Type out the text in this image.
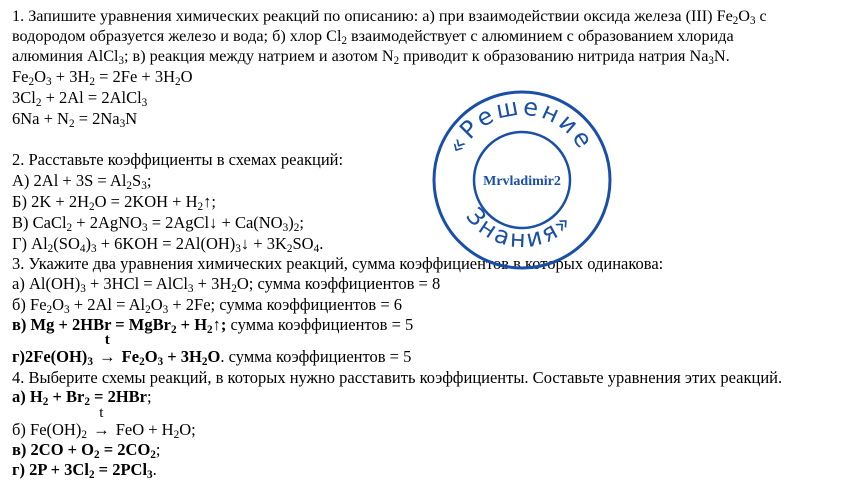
1. Запишите уравнения химических реакций по описанию: а) при взаимодействии оксида железа (III) $Fe_2O_3$ с
водородом образуется железо и вода; б) хлор $Cl_2$ взаимодействует с алюминием с образованием хлорида
алюминия AlCl$_3$; в) реакция между натрием и азотом $N_2$ приводит к образованию нитрида натрия $Na_3N$.
$Fe_2O_3 + 3H_2 = 2Fe + 3H_2O$
$3Cl_2 + 2Al$ = 2AlCl$_3$
$6Na + N_2 = 2Na_3N$
2. Расставьте коэффициенты в схемах реакций:
А) $2Al + 3S = Al_2S_3$;
Б) $2K + 2H_2O = 2KOH$ + $H_2↑$;
В) CaCl$_2$ + 2AgNO$_3$ = 2AgCl↓ + $Ca(NO_3)_2$;
Г) $Al_2(SO_4)_3 + 6KOH$ = $2Al(OH)_3↓ + 3K_2SO_4$.
3. Укажите два уравнения химических реакций, сумма коэффициентов в которых одинакова:
а) $Al(OH)_3 + 3HCl$ = AlCl$_3$ + $3H_2O$; сумма коэффициентов = 8
б) $Fe_2O_3 + 2Al = Al_2O_3 + 2Fe$; сумма коэффициентов = 6
в) Mg + 2HBr = MgBr$_2$ + $H_2↑$; сумма коэффициентов = 5
$г)2Fe(OH)_3$
t
→ $Fe_2O_3 + 3H_2O$. сумма коэффициентов = 5
4. Выберите схемы реакций, в которых нужно расставить коэффициенты. Составьте уравнения этих реакций.
а) $H_2 + Br_2 = 2HBr$;
б) $Fe(OH)_2$
t
→ FeO + $H_2O$;
в) $2CO + O_2 = 2CO_2$;
г) $2P + 3Cl_2 = 2PCl_3$.
«Решение
Знания»
Mrvladimir2
